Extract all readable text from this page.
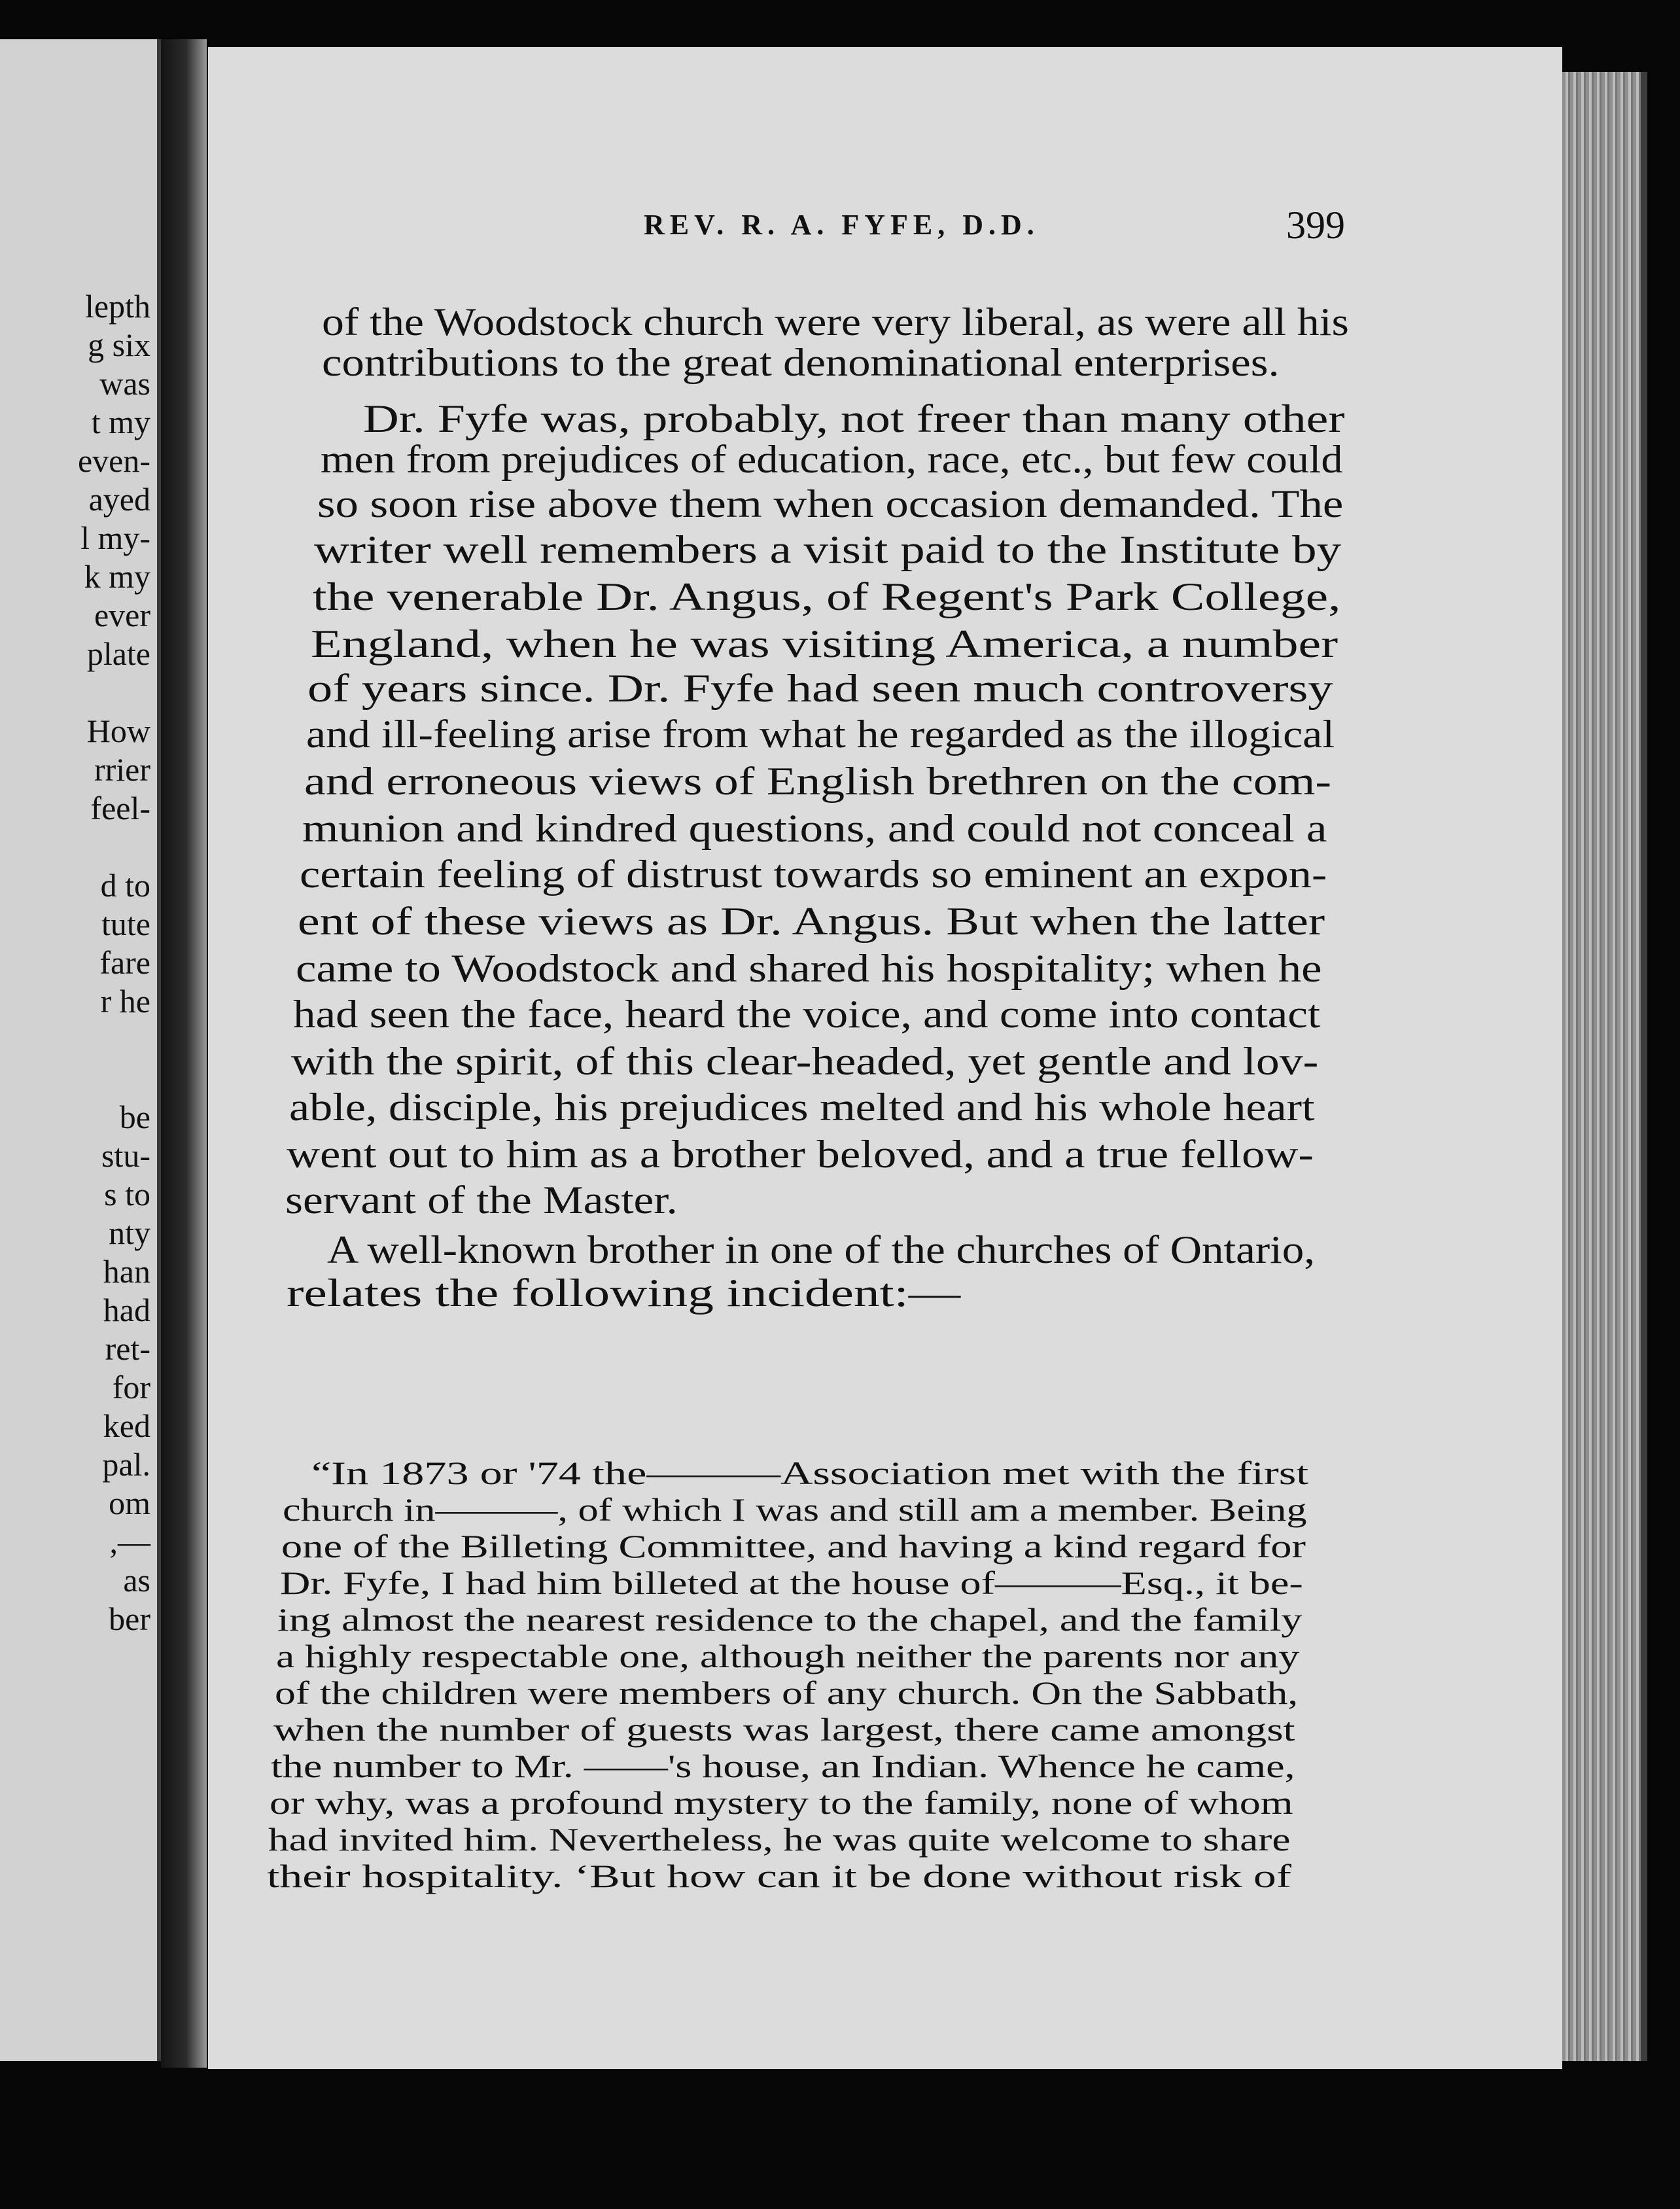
lepth
g six
was
t my
even-
ayed
l my-
k my
ever
plate
How
rrier
feel-
d to
tute
fare
r he
be
stu-
s to
nty
han
had
ret-
for
ked
pal.
om
,—
as
ber
REV. R. A. FYFE, D.D.	399
of the Woodstock church were very liberal, as were all his
contributions to the great denominational enterprises.
Dr. Fyfe was, probably, not freer than many other
men from prejudices of education, race, etc., but few could
so soon rise above them when occasion demanded. The
writer well remembers a visit paid to the Institute by
the venerable Dr. Angus, of Regent's Park College,
England, when he was visiting America, a number
of years since. Dr. Fyfe had seen much controversy
and ill-feeling arise from what he regarded as the illogical
and erroneous views of English brethren on the com-
munion and kindred questions, and could not conceal a
certain feeling of distrust towards so eminent an expon-
ent of these views as Dr. Angus. But when the latter
came to Woodstock and shared his hospitality; when he
had seen the face, heard the voice, and come into contact
with the spirit, of this clear-headed, yet gentle and lov-
able, disciple, his prejudices melted and his whole heart
went out to him as a brother beloved, and a true fellow-
servant of the Master.
A well-known brother in one of the churches of Ontario,
relates the following incident:—
“In 1873 or '74 the———Association met with the first
church in———, of which I was and still am a member. Being
one of the Billeting Committee, and having a kind regard for
Dr. Fyfe, I had him billeted at the house of———Esq., it be-
ing almost the nearest residence to the chapel, and the family
a highly respectable one, although neither the parents nor any
of the children were members of any church. On the Sabbath,
when the number of guests was largest, there came amongst
the number to Mr. ——'s house, an Indian. Whence he came,
or why, was a profound mystery to the family, none of whom
had invited him. Nevertheless, he was quite welcome to share
their hospitality. ‘But how can it be done without risk of
